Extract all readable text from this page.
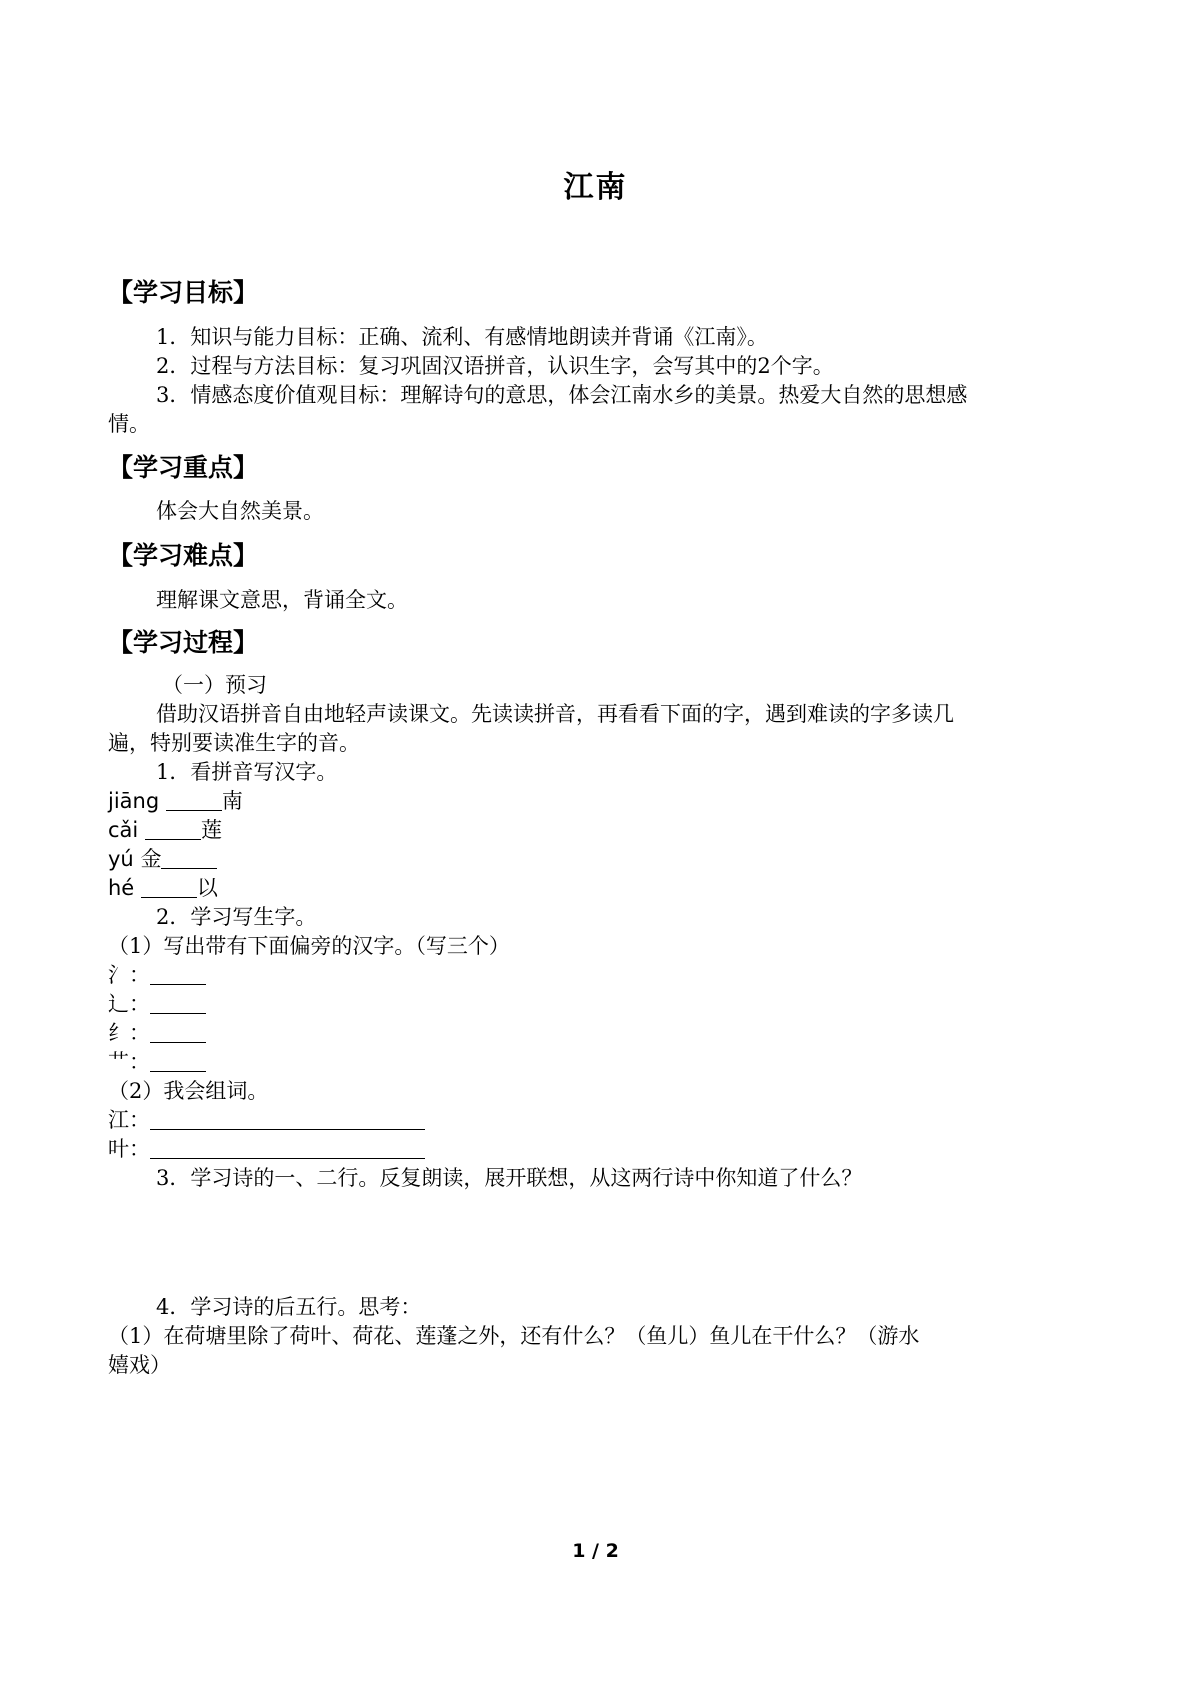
江南
【学习目标】
1．知识与能力目标：正确、流利、有感情地朗读并背诵《江南》。
2．过程与方法目标：复习巩固汉语拼音，认识生字，会写其中的2个字。
3．情感态度价值观目标：理解诗句的意思，体会江南水乡的美景。热爱大自然的思想感
情。
【学习重点】
体会大自然美景。
【学习难点】
理解课文意思，背诵全文。
【学习过程】
（一）预习
借助汉语拼音自由地轻声读课文。先读读拼音，再看看下面的字，遇到难读的字多读几
遍，特别要读准生字的音。
1．看拼音写汉字。
jiāng	南
cǎi	莲
yú 金
hé	以
2．学习写生字。
（1）写出带有下面偏旁的汉字。（写三个）
氵：
辶：
纟：
艹：
（2）我会组词。
江：
叶：
3．学习诗的一、二行。反复朗读，展开联想，从这两行诗中你知道了什么？
4．学习诗的后五行。思考：
（1）在荷塘里除了荷叶、荷花、莲蓬之外，还有什么？（鱼儿）鱼儿在干什么？（游水
嬉戏）
1 / 2
